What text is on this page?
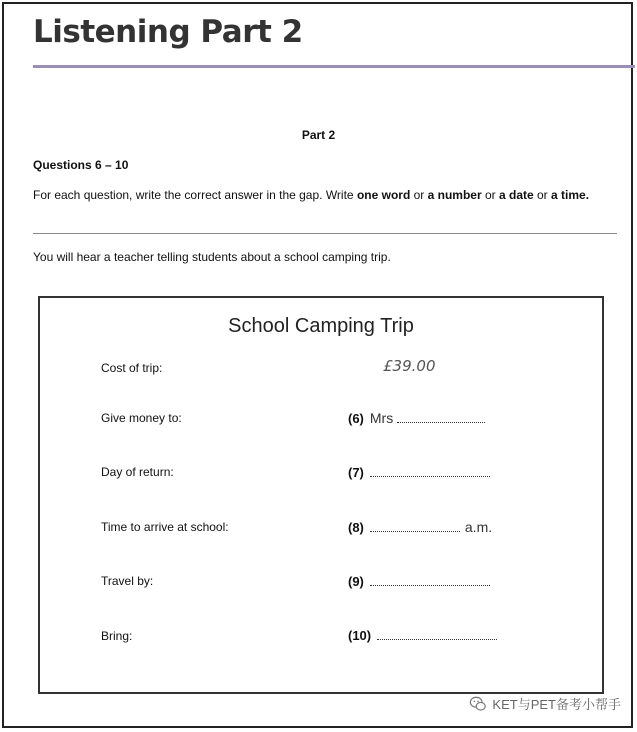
Listening Part 2
Part 2
Questions 6 – 10
For each question, write the correct answer in the gap. Write one word or a number or a date or a time.
You will hear a teacher telling students about a school camping trip.
School Camping Trip
Cost of trip:	£39.00
Give money to:	(6) Mrs
Day of return:	(7)
Time to arrive at school:	(8)	a.m.
Travel by:	(9)
Bring:	(10)
KET与PET备考小帮手
